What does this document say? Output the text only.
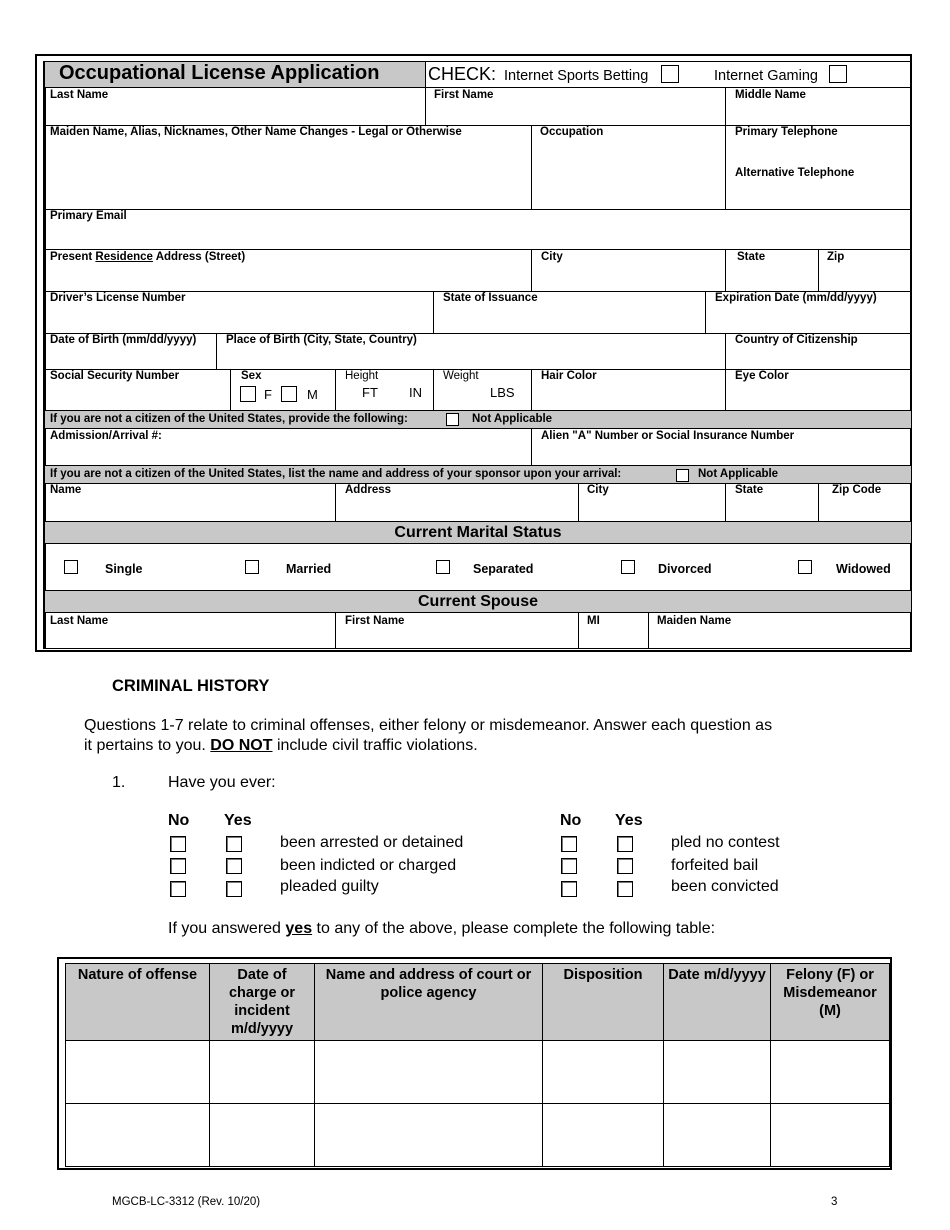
Occupational License Application	CHECK: Internet Sports Betting	Internet Gaming
Last Name	First Name	Middle Name
Maiden Name, Alias, Nicknames, Other Name Changes - Legal or Otherwise	Occupation	Primary Telephone
Alternative Telephone
Primary Email
Present Residence Address (Street)	City	State	Zip
Driver’s License Number	State of Issuance	Expiration Date (mm/dd/yyyy)
Date of Birth (mm/dd/yyyy)	Place of Birth (City, State, Country)	Country of Citizenship
Social Security Number	Sex
F	M
Height
FT IN
Weight
LBS
Hair Color	Eye Color
If you are not a citizen of the United States, provide the following:	Not Applicable
Admission/Arrival #:	Alien "A" Number or Social Insurance Number
If you are not a citizen of the United States, list the name and address of your sponsor upon your arrival:	Not Applicable
Name	Address	City	State	Zip Code
Current Marital Status
Single	Married	Separated	Divorced	Widowed
Current Spouse
Last Name	First Name	MI	Maiden Name
CRIMINAL HISTORY
Questions 1-7 relate to criminal offenses, either felony or misdemeanor. Answer each question as
it pertains to you. DO NOT include civil traffic violations.
1.	Have you ever:
No Yes
been arrested or detained
been indicted or charged
pleaded guilty
No Yes
pled no contest
forfeited bail
been convicted
If you answered yes to any of the above, please complete the following table:
Nature of offense	Date of charge or incident m/d/yyyy	Name and address of court or police agency	Disposition	Date m/d/yyyy	Felony (F) or Misdemeanor (M)

MGCB-LC-3312 (Rev. 10/20)	3
